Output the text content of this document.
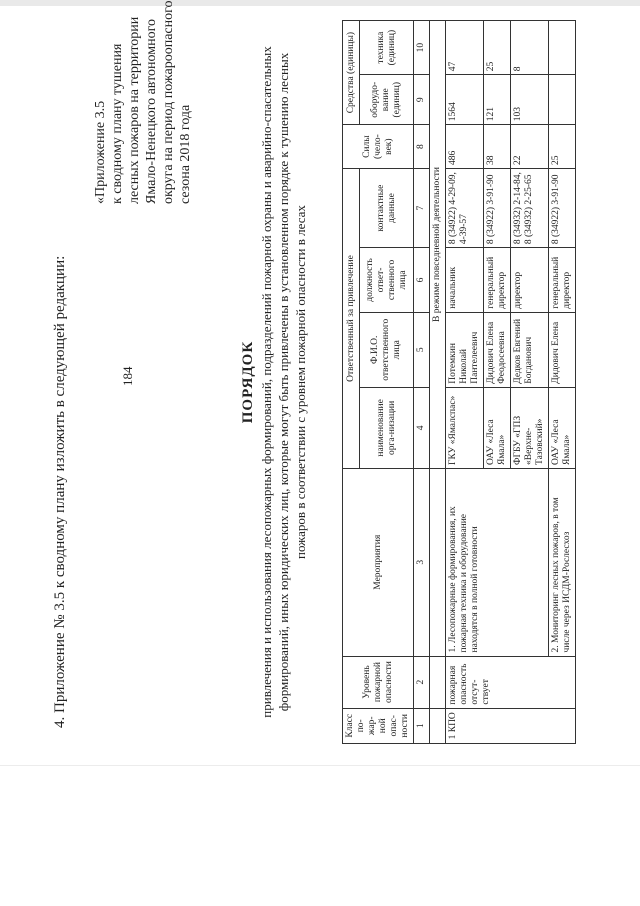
184
4. Приложение № 3.5 к сводному плану изложить в следующей редакции:
«Приложение 3.5 к сводному плану тушения лесных пожаров на территории Ямало-Ненецкого автономного округа на период пожароопасного сезона 2018 года
ПОРЯДОК привлечения и использования лесопожарных формирований, подразделений пожарной охраны и аварийно-спасательных формирований, иных юридических лиц, которые могут быть привлечены в установленном порядке к тушению лесных пожаров в соответствии с уровнем пожарной опасности в лесах
Класс по-жар-ной опас-ности	Уровень пожарной опасности	Мероприятия	Ответственный за привлечение				Силы (чело-век)	Средства (единицы)	
			наименование орга-низации	Ф.И.О. ответственного лица	должность ответ-ственного лица	контактные данные		оборудо-вание (единиц)	техника (единиц)
1	2	3	4	5	6	7	8	9	10
			В режиме повседневной деятельности						
1 КПО	пожарная опасность отсут-ствует	1. Лесопожарные формирования, их пожарная техника и оборудование находятся в полной готовности	ГКУ «Ямалспас»	Потемкин Николай Пантелеевич	начальник	8 (34922) 4-29-09, 4-39-57	486	1564	47
			ОАУ «Леса Ямала»	Дидович Елена Феодосеевна	генеральный директор	8 (34922) 3-91-90	38	121	25
			ФГБУ «ГПЗ «Верхне-Тазовский»	Дедков Евгений Богданович	директор	8 (34932) 2-14-84, 8 (34932) 2-25-65	22	103	8
		2. Мониторинг лесных пожаров, в том числе через ИСДМ-Рослесхоз	ОАУ «Леса Ямала»	Дидович Елена	генеральный директор	8 (34922) 3-91-90	25		
